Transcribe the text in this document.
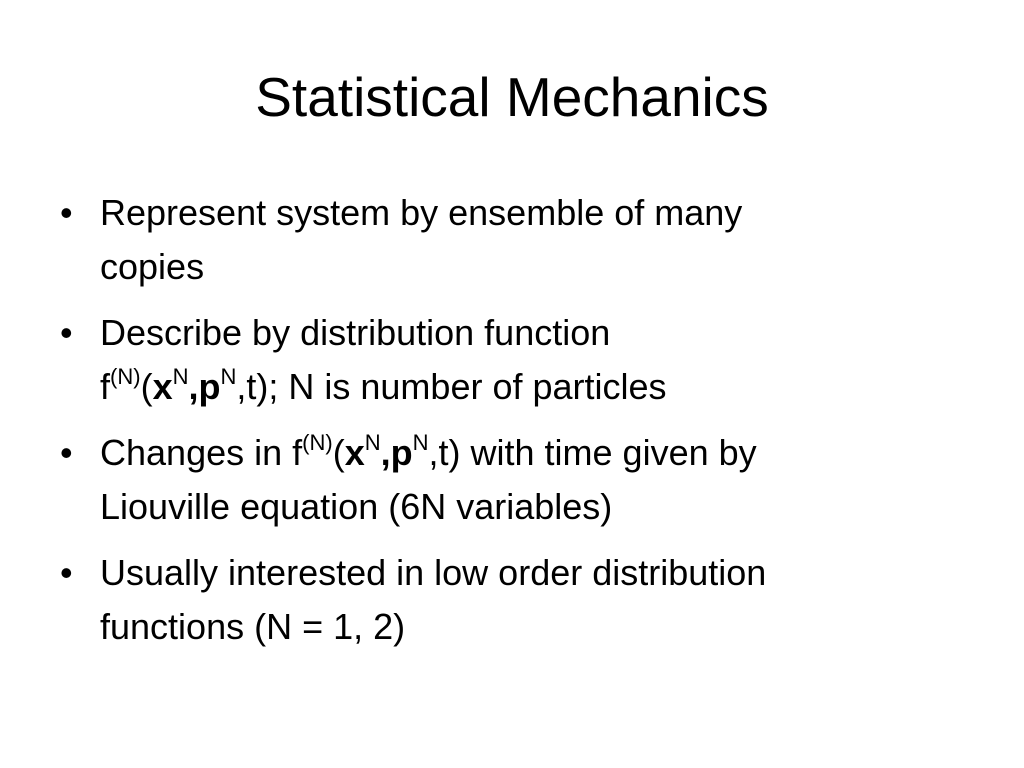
Statistical Mechanics
• Represent system by ensemble of many
copies
• Describe by distribution function
$f^{(N)}(x^N,p^N,t)$; N is number of particles
• Changes in $f^{(N)}(x^N,p^N,t)$ with time given by
Liouville equation (6N variables)
• Usually interested in low order distribution
functions (N = 1, 2)
